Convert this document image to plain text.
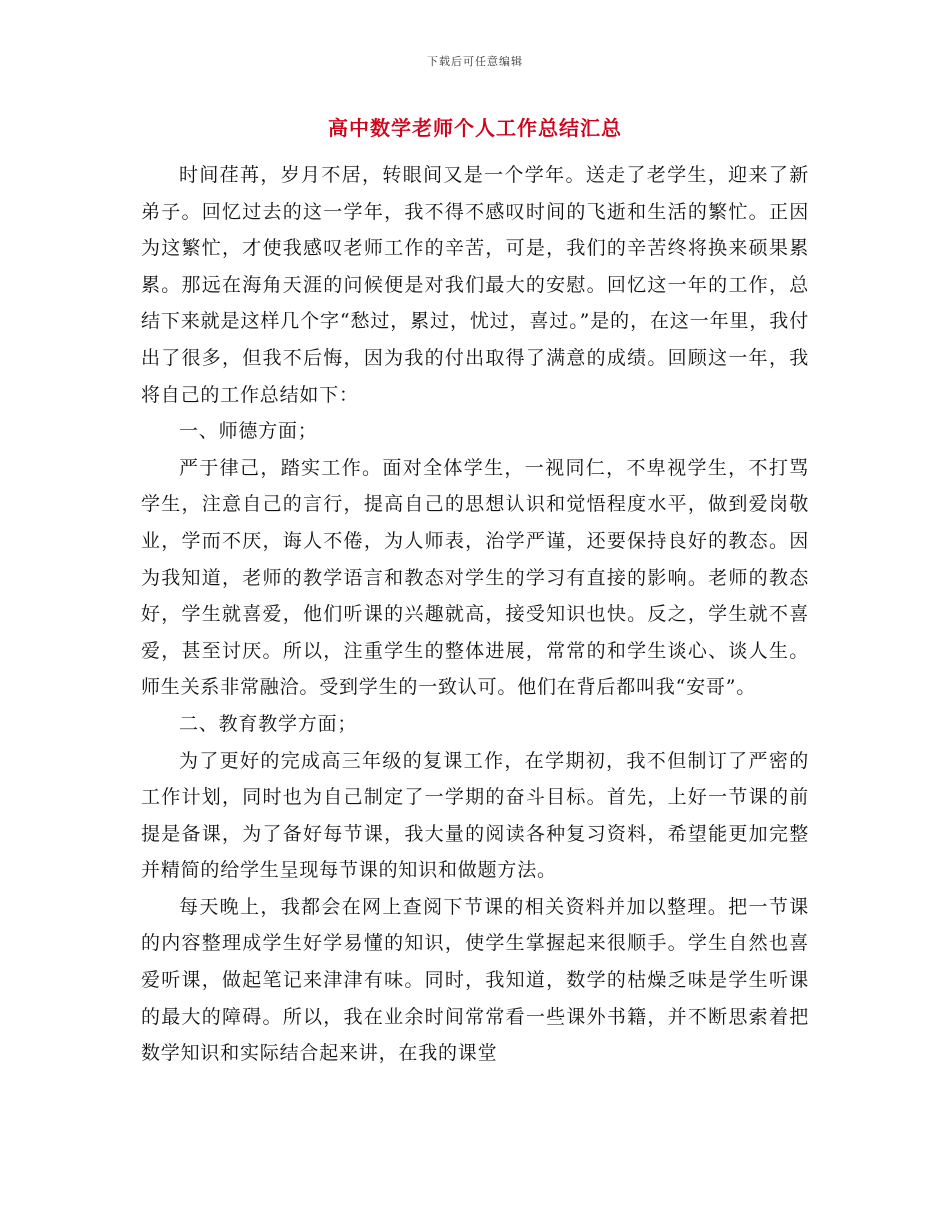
下载后可任意编辑
高中数学老师个人工作总结汇总

时间荏苒，岁月不居，转眼间又是一个学年。送走了老学生，迎来了新弟子。回忆过去的这一学年，我不得不感叹时间的飞逝和生活的繁忙。正因为这繁忙，才使我感叹老师工作的辛苦，可是，我们的辛苦终将换来硕果累累。那远在海角天涯的问候便是对我们最大的安慰。回忆这一年的工作，总结下来就是这样几个字“愁过，累过，忧过，喜过。”是的，在这一年里，我付出了很多，但我不后悔，因为我的付出取得了满意的成绩。回顾这一年，我将自己的工作总结如下：

一、师德方面；

严于律己，踏实工作。面对全体学生，一视同仁，不卑视学生，不打骂学生，注意自己的言行，提高自己的思想认识和觉悟程度水平，做到爱岗敬业，学而不厌，诲人不倦，为人师表，治学严谨，还要保持良好的教态。因为我知道，老师的教学语言和教态对学生的学习有直接的影响。老师的教态好，学生就喜爱，他们听课的兴趣就高，接受知识也快。反之，学生就不喜爱，甚至讨厌。所以，注重学生的整体进展，常常的和学生谈心、谈人生。师生关系非常融洽。受到学生的一致认可。他们在背后都叫我“安哥”。

二、教育教学方面；

为了更好的完成高三年级的复课工作，在学期初，我不但制订了严密的工作计划，同时也为自己制定了一学期的奋斗目标。首先，上好一节课的前提是备课，为了备好每节课，我大量的阅读各种复习资料，希望能更加完整并精简的给学生呈现每节课的知识和做题方法。

每天晚上，我都会在网上查阅下节课的相关资料并加以整理。把一节课的内容整理成学生好学易懂的知识，使学生掌握起来很顺手。学生自然也喜爱听课，做起笔记来津津有味。同时，我知道，数学的枯燥乏味是学生听课的最大的障碍。所以，我在业余时间常常看一些课外书籍，并不断思索着把数学知识和实际结合起来讲，在我的课堂
